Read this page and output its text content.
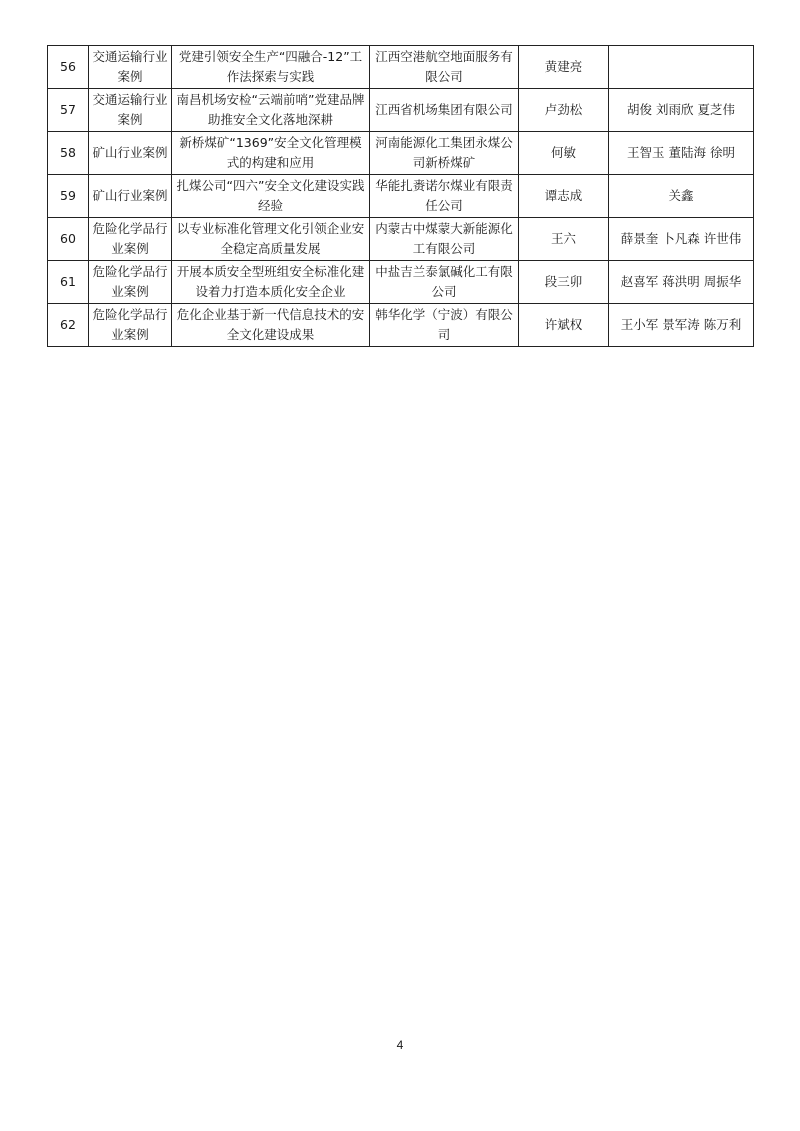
56	交通运输行业案例	党建引领安全生产“四融合-12”工作法探索与实践	江西空港航空地面服务有限公司	黄建亮	
57	交通运输行业案例	南昌机场安检“云端前哨”党建品牌助推安全文化落地深耕	江西省机场集团有限公司	卢劲松	胡俊 刘雨欣 夏芝伟
58	矿山行业案例	新桥煤矿“1369”安全文化管理模式的构建和应用	河南能源化工集团永煤公司新桥煤矿	何敏	王智玉 董陆海 徐明
59	矿山行业案例	扎煤公司“四六”安全文化建设实践经验	华能扎赉诺尔煤业有限责任公司	谭志成	关鑫
60	危险化学品行业案例	以专业标准化管理文化引领企业安全稳定高质量发展	内蒙古中煤蒙大新能源化工有限公司	王六	薛景奎 卜凡森 许世伟
61	危险化学品行业案例	开展本质安全型班组安全标准化建设着力打造本质化安全企业	中盐吉兰泰氯碱化工有限公司	段三卯	赵喜军 蒋洪明 周振华
62	危险化学品行业案例	危化企业基于新一代信息技术的安全文化建设成果	韩华化学（宁波）有限公司	许斌权	王小军 景军涛 陈万利
4
